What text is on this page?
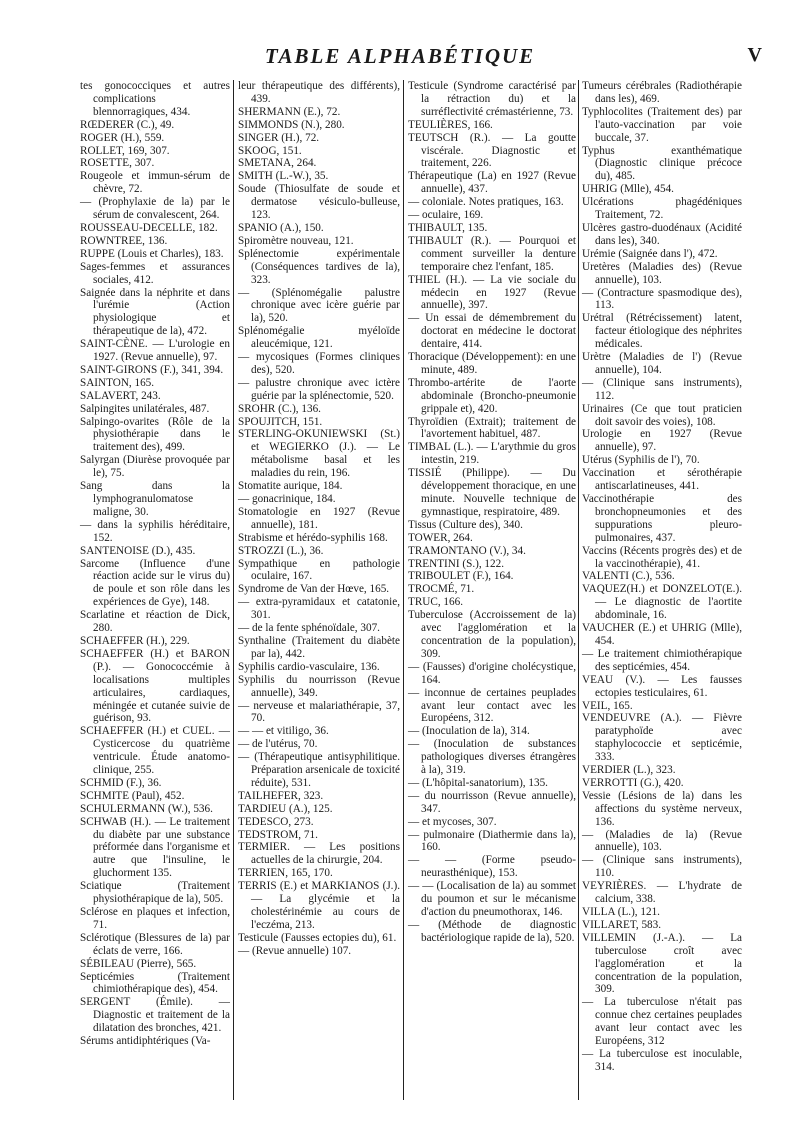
TABLE ALPHABÉTIQUE	V

tes gonococciques et autres complications blennorragiques, 434.

RŒDERER (C.), 49.

ROGER (H.), 559.

ROLLET, 169, 307.

ROSETTE, 307.

Rougeole et immun-sérum de chèvre, 72.

— (Prophylaxie de la) par le sérum de convalescent, 264.

ROUSSEAU-DECELLE, 182.

ROWNTREE, 136.

RUPPE (Louis et Charles), 183.

Sages-femmes et assurances sociales, 412.

Saignée dans la néphrite et dans l'urémie (Action physiologique et thérapeutique de la), 472.

SAINT-CÈNE. — L'urologie en 1927. (Revue annuelle), 97.

SAINT-GIRONS (F.), 341, 394.

SAINTON, 165.

SALAVERT, 243.

Salpingites unilatérales, 487.

Salpingo-ovarites (Rôle de la physiothérapie dans le traitement des), 499.

Salyrgan (Diurèse provoquée par le), 75.

Sang dans la lymphogranulomatose maligne, 30.

— dans la syphilis héréditaire, 152.

SANTENOISE (D.), 435.

Sarcome (Influence d'une réaction acide sur le virus du) de poule et son rôle dans les expériences de Gye), 148.

Scarlatine et réaction de Dick, 280.

SCHAEFFER (H.), 229.

SCHAEFFER (H.) et BARON (P.). — Gonococcémie à localisations multiples articulaires, cardiaques, méningée et cutanée suivie de guérison, 93.

SCHAEFFER (H.) et CUEL. — Cysticercose du quatrième ventricule. Étude anatomo-clinique, 255.

SCHMID (F.), 36.

SCHMITE (Paul), 452.

SCHULERMANN (W.), 536.

SCHWAB (H.). — Le traitement du diabète par une substance préformée dans l'organisme et autre que l'insuline, le gluchorment 135.

Sciatique (Traitement physiothérapique de la), 505.

Sclérose en plaques et infection, 71.

Sclérotique (Blessures de la) par éclats de verre, 166.

SÉBILEAU (Pierre), 565.

Septicémies (Traitement chimiothérapique des), 454.

SERGENT (Émile). — Diagnostic et traitement de la dilatation des bronches, 421.

Sérums antidiphtériques (Va-

leur thérapeutique des différents), 439.

SHERMANN (E.), 72.

SIMMONDS (N.), 280.

SINGER (H.), 72.

SKOOG, 151.

SMETANA, 264.

SMITH (L.-W.), 35.

Soude (Thiosulfate de soude et dermatose vésiculo-bulleuse, 123.

SPANIO (A.), 150.

Spiromètre nouveau, 121.

Splénectomie expérimentale (Conséquences tardives de la), 323.

— (Splénomégalie palustre chronique avec icère guérie par la), 520.

Splénomégalie myéloïde aleucémique, 121.

— mycosiques (Formes cliniques des), 520.

— palustre chronique avec ictère guérie par la splénectomie, 520.

SROHR (C.), 136.

SPOUJITCH, 151.

STERLING-OKUNIEWSKI (St.) et WEGIERKO (J.). — Le métabolisme basal et les maladies du rein, 196.

Stomatite aurique, 184.

— gonacrinique, 184.

Stomatologie en 1927 (Revue annuelle), 181.

Strabisme et hérédo-syphilis 168.

STROZZI (L.), 36.

Sympathique en pathologie oculaire, 167.

Syndrome de Van der Hœve, 165.

— extra-pyramidaux et catatonie, 301.

— de la fente sphénoïdale, 307.

Synthaline (Traitement du diabète par la), 442.

Syphilis cardio-vasculaire, 136.

Syphilis du nourrisson (Revue annuelle), 349.

— nerveuse et malariathérapie, 37, 70.

— — et vitiligo, 36.

— de l'utérus, 70.

— (Thérapeutique antisyphilitique. Préparation arsenicale de toxicité réduite), 531.

TAILHEFER, 323.

TARDIEU (A.), 125.

TEDESCO, 273.

TEDSTROM, 71.

TERMIER. — Les positions actuelles de la chirurgie, 204.

TERRIEN, 165, 170.

TERRIS (E.) et MARKIANOS (J.). — La glycémie et la cholestérinémie au cours de l'eczéma, 213.

Testicule (Fausses ectopies du), 61.

— (Revue annuelle) 107.

Testicule (Syndrome caractérisé par la rétraction du) et la surréflectivité crémastérienne, 73.

TEULIÈRES, 166.

TEUTSCH (R.). — La goutte viscérale. Diagnostic et traitement, 226.

Thérapeutique (La) en 1927 (Revue annuelle), 437.

— coloniale. Notes pratiques, 163.

— oculaire, 169.

THIBAULT, 135.

THIBAULT (R.). — Pourquoi et comment surveiller la denture temporaire chez l'enfant, 185.

THIEL (H.). — La vie sociale du médecin en 1927 (Revue annuelle), 397.

— Un essai de démembrement du doctorat en médecine le doctorat dentaire, 414.

Thoracique (Développement): en une minute, 489.

Thrombo-artérite de l'aorte abdominale (Broncho-pneumonie grippale et), 420.

Thyroïdien (Extrait); traitement de l'avortement habituel, 487.

TIMBAL (L.). — L'arythmie du gros intestin, 219.

TISSIÉ (Philippe). — Du développement thoracique, en une minute. Nouvelle technique de gymnastique, respiratoire, 489.

Tissus (Culture des), 340.

TOWER, 264.

TRAMONTANO (V.), 34.

TRENTINI (S.), 122.

TRIBOULET (F.), 164.

TROCMÉ, 71.

TRUC, 166.

Tuberculose (Accroissement de la) avec l'agglomération et la concentration de la population), 309.

— (Fausses) d'origine cholécystique, 164.

— inconnue de certaines peuplades avant leur contact avec les Européens, 312.

— (Inoculation de la), 314.

— (Inoculation de substances pathologiques diverses étrangères à la), 319.

— (L'hôpital-sanatorium), 135.

— du nourrisson (Revue annuelle), 347.

— et mycoses, 307.

— pulmonaire (Diathermie dans la), 160.

— — (Forme pseudo-neurasthénique), 153.

— — (Localisation de la) au sommet du poumon et sur le mécanisme d'action du pneumothorax, 146.

— (Méthode de diagnostic bactériologique rapide de la), 520.

Tumeurs cérébrales (Radiothérapie dans les), 469.

Typhlocolites (Traitement des) par l'auto-vaccination par voie buccale, 37.

Typhus exanthématique (Diagnostic clinique précoce du), 485.

UHRIG (Mlle), 454.

Ulcérations phagédéniques Traitement, 72.

Ulcères gastro-duodénaux (Acidité dans les), 340.

Urémie (Saignée dans l'), 472.

Uretères (Maladies des) (Revue annuelle), 103.

— (Contracture spasmodique des), 113.

Urétral (Rétrécissement) latent, facteur étiologique des néphrites médicales.

Urètre (Maladies de l') (Revue annuelle), 104.

— (Clinique sans instruments), 112.

Urinaires (Ce que tout praticien doit savoir des voies), 108.

Urologie en 1927 (Revue annuelle), 97.

Utérus (Syphilis de l'), 70.

Vaccination et sérothérapie antiscarlatineuses, 441.

Vaccinothérapie des bronchopneumonies et des suppurations pleuro-pulmonaires, 437.

Vaccins (Récents progrès des) et de la vaccinothérapie), 41.

VALENTI (C.), 536.

VAQUEZ(H.) et DONZELOT(E.). — Le diagnostic de l'aortite abdominale, 16.

VAUCHER (E.) et UHRIG (Mlle), 454.

— Le traitement chimiothérapique des septicémies, 454.

VEAU (V.). — Les fausses ectopies testiculaires, 61.

VEIL, 165.

VENDEUVRE (A.). — Fièvre paratyphoïde avec staphylococcie et septicémie, 333.

VERDIER (L.), 323.

VERROTTI (G.), 420.

Vessie (Lésions de la) dans les affections du système nerveux, 136.

— (Maladies de la) (Revue annuelle), 103.

— (Clinique sans instruments), 110.

VEYRIÈRES. — L'hydrate de calcium, 338.

VILLA (L.), 121.

VILLARET, 583.

VILLEMIN (J.-A.). — La tuberculose croît avec l'agglomération et la concentration de la population, 309.

— La tuberculose n'était pas connue chez certaines peuplades avant leur contact avec les Européens, 312

— La tuberculose est inoculable, 314.
